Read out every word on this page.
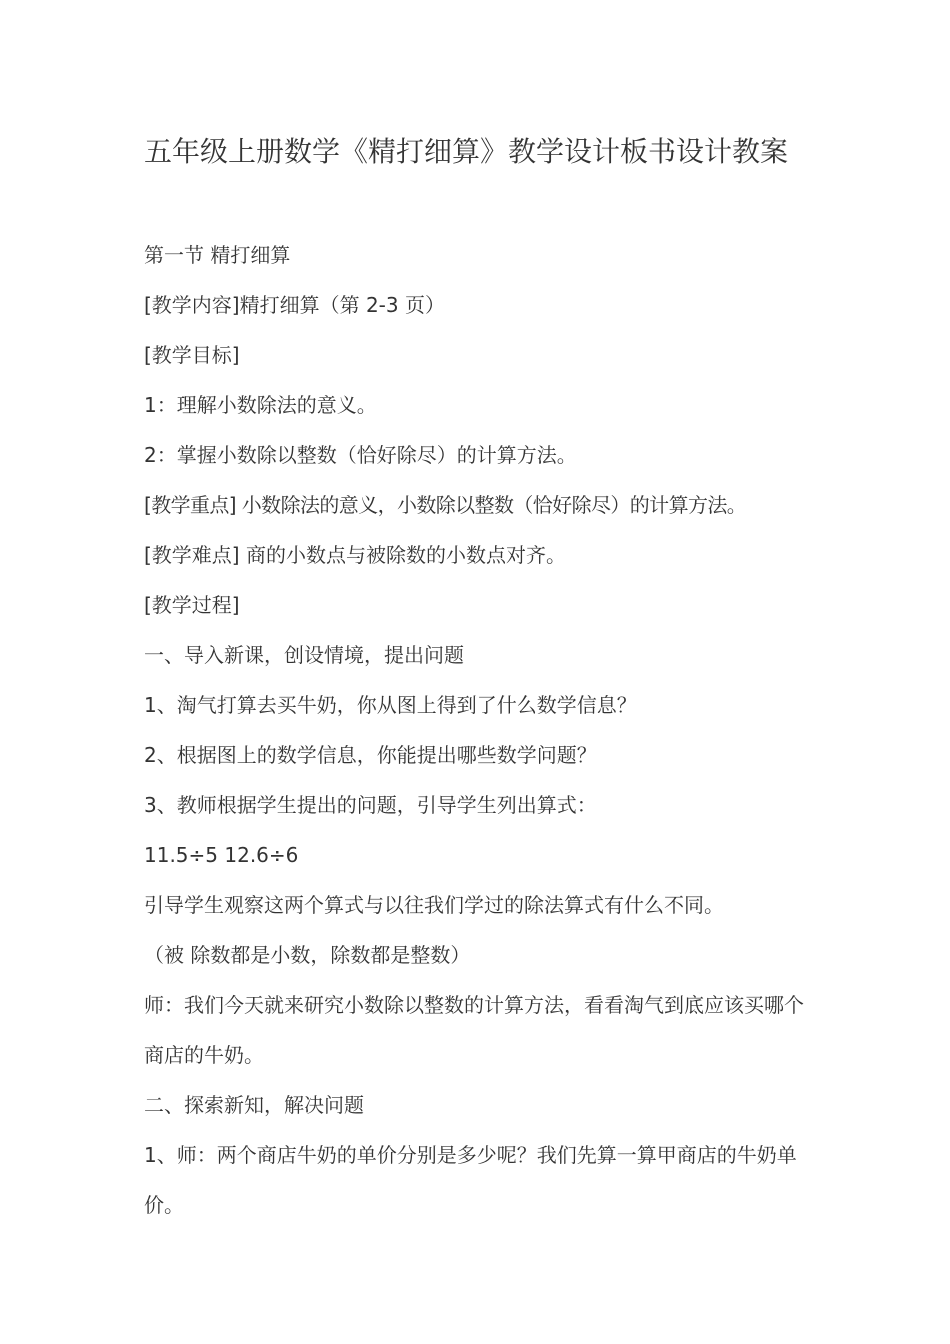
五年级上册数学《精打细算》教学设计板书设计教案
第一节 精打细算
[教学内容]精打细算（第 2-3 页）
[教学目标]
1：理解小数除法的意义。
2：掌握小数除以整数（恰好除尽）的计算方法。
[教学重点] 小数除法的意义，小数除以整数（恰好除尽）的计算方法。
[教学难点] 商的小数点与被除数的小数点对齐。
[教学过程]
一、导入新课，创设情境，提出问题
1、淘气打算去买牛奶，你从图上得到了什么数学信息？
2、根据图上的数学信息，你能提出哪些数学问题？
3、教师根据学生提出的问题，引导学生列出算式：
11.5÷5 12.6÷6
引导学生观察这两个算式与以往我们学过的除法算式有什么不同。
（被 除数都是小数，除数都是整数）
师：我们今天就来研究小数除以整数的计算方法，看看淘气到底应该买哪个商店的牛奶。
二、探索新知，解决问题
1、师：两个商店牛奶的单价分别是多少呢？我们先算一算甲商店的牛奶单价。
